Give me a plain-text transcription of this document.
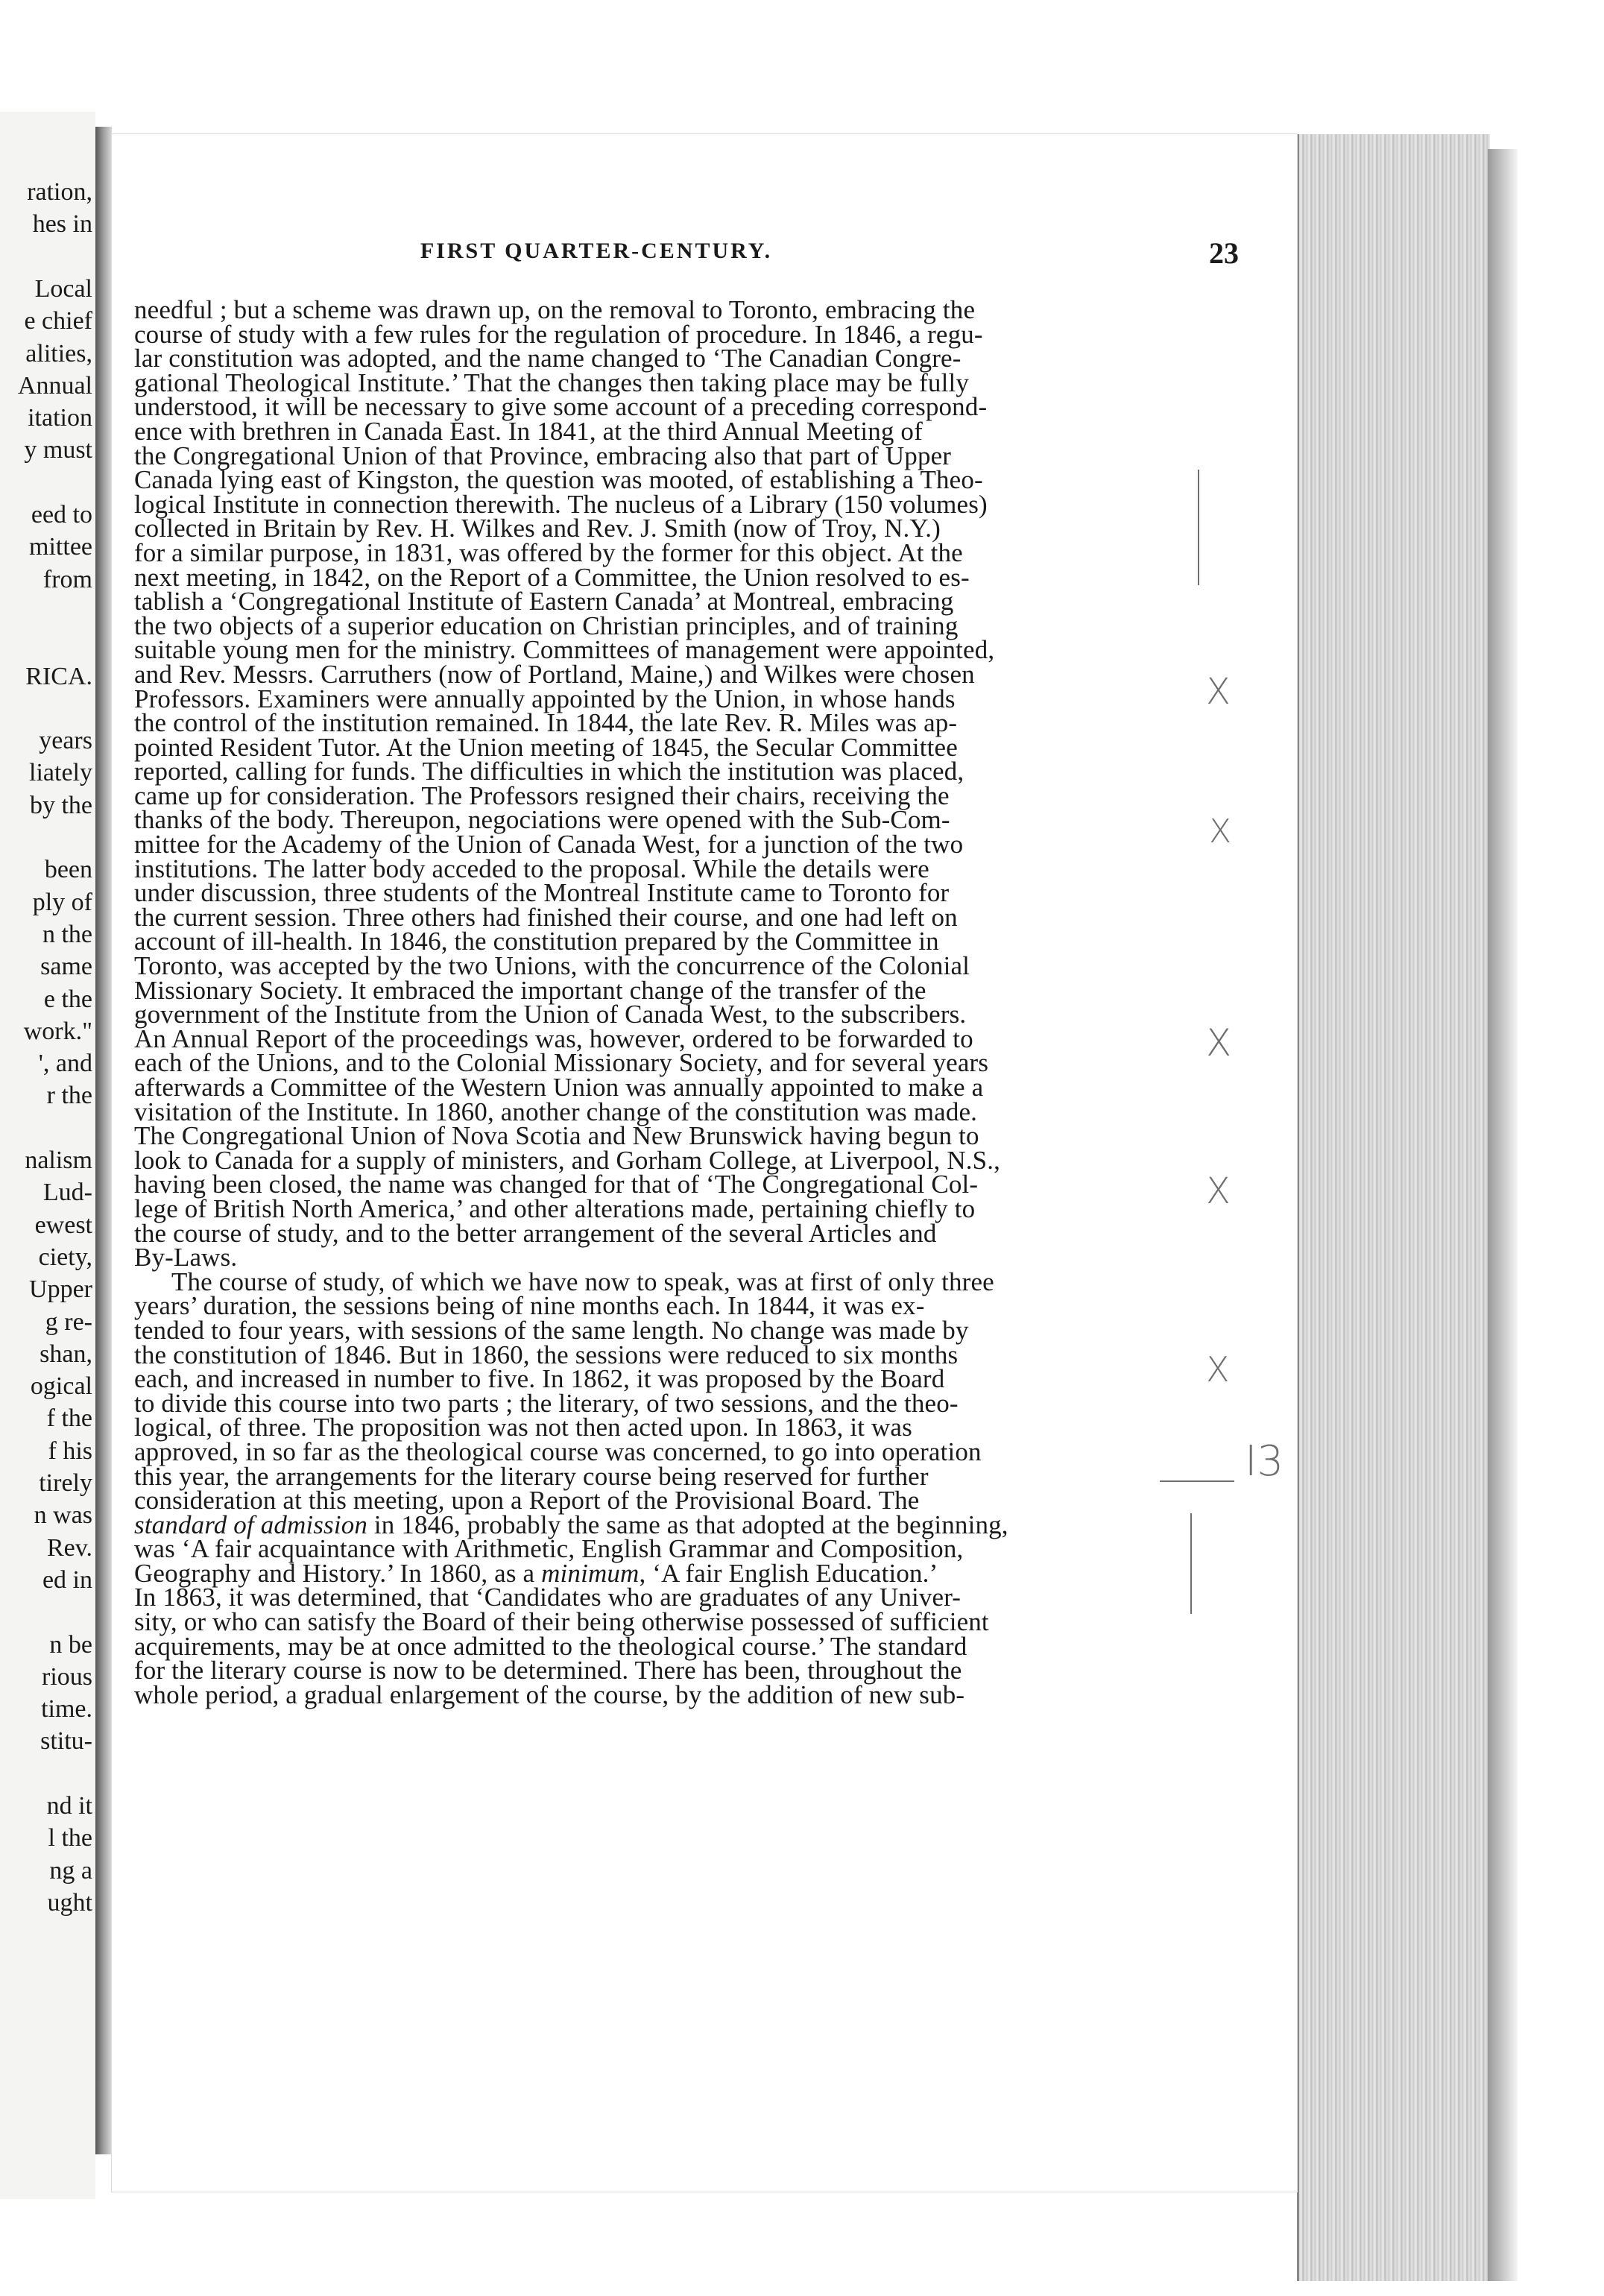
ration,
hes in
Local
e chief
alities,
Annual
itation
y must
eed to
mittee
from
RICA.
years
liately
by the
been
ply of
n the
same
e the
work."
', and
r the
nalism
Lud-
ewest
ciety,
Upper
g re-
shan,
ogical
f the
f his
tirely
n was
Rev.
ed in
n be
rious
time.
stitu-
nd it
l the
ng a
ught
FIRST QUARTER-CENTURY.	23
needful ; but a scheme was drawn up, on the removal to Toronto, embracing the
course of study with a few rules for the regulation of procedure. In 1846, a regu-
lar constitution was adopted, and the name changed to ‘The Canadian Congre-
gational Theological Institute.’ That the changes then taking place may be fully
understood, it will be necessary to give some account of a preceding correspond-
ence with brethren in Canada East. In 1841, at the third Annual Meeting of
the Congregational Union of that Province, embracing also that part of Upper
Canada lying east of Kingston, the question was mooted, of establishing a Theo-
logical Institute in connection therewith. The nucleus of a Library (150 volumes)
collected in Britain by Rev. H. Wilkes and Rev. J. Smith (now of Troy, N.Y.)
for a similar purpose, in 1831, was offered by the former for this object. At the
next meeting, in 1842, on the Report of a Committee, the Union resolved to es-
tablish a ‘Congregational Institute of Eastern Canada’ at Montreal, embracing
the two objects of a superior education on Christian principles, and of training
suitable young men for the ministry. Committees of management were appointed,
and Rev. Messrs. Carruthers (now of Portland, Maine,) and Wilkes were chosen
Professors. Examiners were annually appointed by the Union, in whose hands
the control of the institution remained. In 1844, the late Rev. R. Miles was ap-
pointed Resident Tutor. At the Union meeting of 1845, the Secular Committee
reported, calling for funds. The difficulties in which the institution was placed,
came up for consideration. The Professors resigned their chairs, receiving the
thanks of the body. Thereupon, negociations were opened with the Sub-Com-
mittee for the Academy of the Union of Canada West, for a junction of the two
institutions. The latter body acceded to the proposal. While the details were
under discussion, three students of the Montreal Institute came to Toronto for
the current session. Three others had finished their course, and one had left on
account of ill-health. In 1846, the constitution prepared by the Committee in
Toronto, was accepted by the two Unions, with the concurrence of the Colonial
Missionary Society. It embraced the important change of the transfer of the
government of the Institute from the Union of Canada West, to the subscribers.
An Annual Report of the proceedings was, however, ordered to be forwarded to
each of the Unions, and to the Colonial Missionary Society, and for several years
afterwards a Committee of the Western Union was annually appointed to make a
visitation of the Institute. In 1860, another change of the constitution was made.
The Congregational Union of Nova Scotia and New Brunswick having begun to
look to Canada for a supply of ministers, and Gorham College, at Liverpool, N.S.,
having been closed, the name was changed for that of ‘The Congregational Col-
lege of British North America,’ and other alterations made, pertaining chiefly to
the course of study, and to the better arrangement of the several Articles and
By-Laws.
The course of study, of which we have now to speak, was at first of only three
years’ duration, the sessions being of nine months each. In 1844, it was ex-
tended to four years, with sessions of the same length. No change was made by
the constitution of 1846. But in 1860, the sessions were reduced to six months
each, and increased in number to five. In 1862, it was proposed by the Board
to divide this course into two parts ; the literary, of two sessions, and the theo-
logical, of three. The proposition was not then acted upon. In 1863, it was
approved, in so far as the theological course was concerned, to go into operation
this year, the arrangements for the literary course being reserved for further
consideration at this meeting, upon a Report of the Provisional Board. The
standard of admission in 1846, probably the same as that adopted at the beginning,
was ‘A fair acquaintance with Arithmetic, English Grammar and Composition,
Geography and History.’ In 1860, as a minimum, ‘A fair English Education.’
In 1863, it was determined, that ‘Candidates who are graduates of any Univer-
sity, or who can satisfy the Board of their being otherwise possessed of sufficient
acquirements, may be at once admitted to the theological course.’ The standard
for the literary course is now to be determined. There has been, throughout the
whole period, a gradual enlargement of the course, by the addition of new sub-
X
X
X
X
X
I3
